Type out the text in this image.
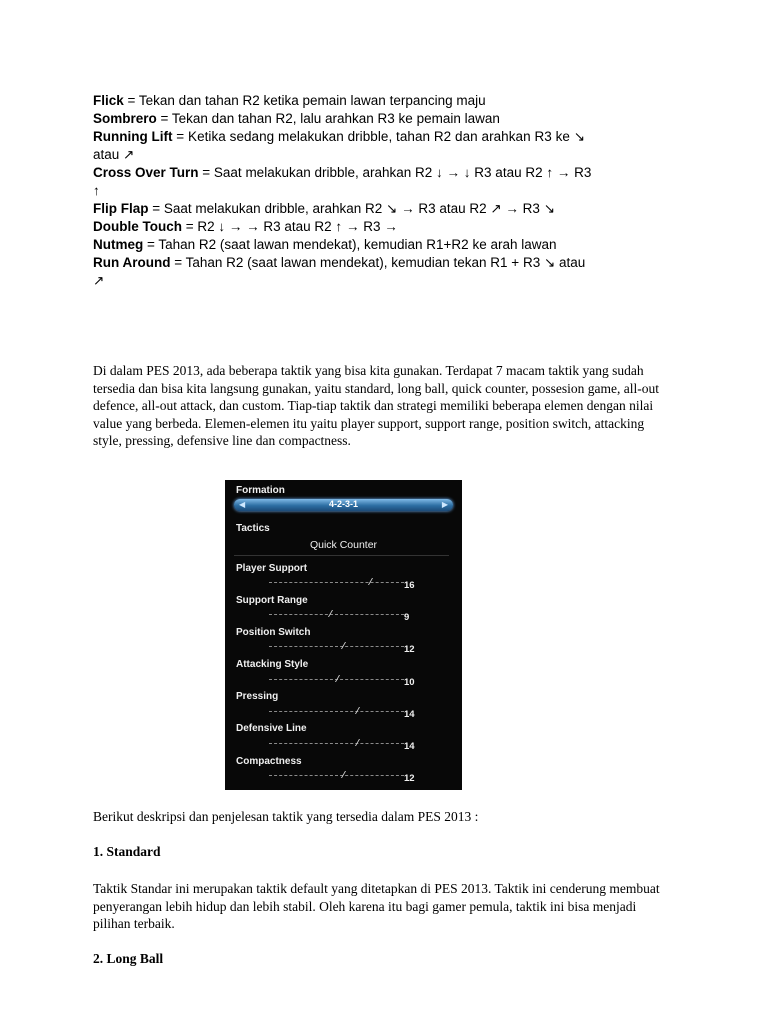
Flick = Tekan dan tahan R2 ketika pemain lawan terpancing maju
Sombrero = Tekan dan tahan R2, lalu arahkan R3 ke pemain lawan
Running Lift = Ketika sedang melakukan dribble, tahan R2 dan arahkan R3 ke ↘
atau ↗
Cross Over Turn = Saat melakukan dribble, arahkan R2 ↓ → ↓ R3 atau R2 ↑ → R3
↑
Flip Flap = Saat melakukan dribble, arahkan R2 ↘ → R3 atau R2 ↗ → R3 ↘
Double Touch = R2 ↓ → → R3 atau R2 ↑ → R3 →
Nutmeg = Tahan R2 (saat lawan mendekat), kemudian R1+R2 ke arah lawan
Run Around = Tahan R2 (saat lawan mendekat), kemudian tekan R1 + R3 ↘ atau
↗
Di dalam PES 2013, ada beberapa taktik yang bisa kita gunakan. Terdapat 7 macam taktik yang sudah tersedia dan bisa kita langsung gunakan, yaitu standard, long ball, quick counter, possesion game, all-out defence, all-out attack, dan custom. Tiap-tiap taktik dan strategi memiliki beberapa elemen dengan nilai value yang berbeda. Elemen-elemen itu yaitu player support, support range, position switch, attacking style, pressing, defensive line dan compactness.
Formation
◀	4-2-3-1	▶
Tactics
Quick Counter
Player Support
16
Support Range
9
Position Switch
12
Attacking Style
10
Pressing
14
Defensive Line
14
Compactness
12
Berikut deskripsi dan penjelesan taktik yang tersedia dalam PES 2013 :
1. Standard
Taktik Standar ini merupakan taktik default yang ditetapkan di PES 2013. Taktik ini cenderung membuat penyerangan lebih hidup dan lebih stabil. Oleh karena itu bagi gamer pemula, taktik ini bisa menjadi pilihan terbaik.
2. Long Ball
